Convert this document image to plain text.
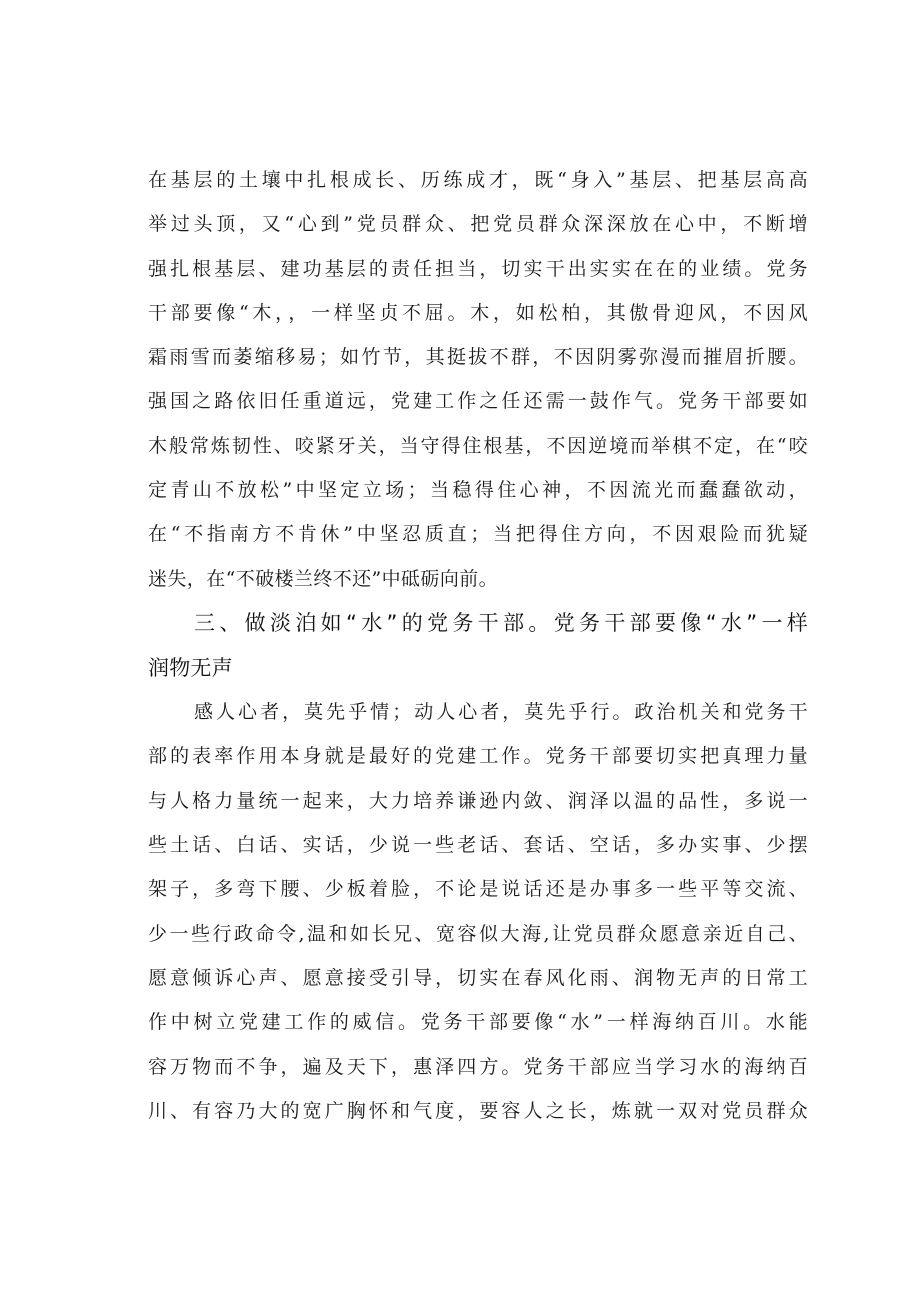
在基层的土壤中扎根成长、历练成才，既“身入”基层、把基层高高
举过头顶，又“心到”党员群众、把党员群众深深放在心中，不断增
强扎根基层、建功基层的责任担当，切实干出实实在在的业绩。党务
干部要像“木，，一样坚贞不屈。木，如松柏，其傲骨迎风，不因风
霜雨雪而萎缩移易；如竹节，其挺拔不群，不因阴雾弥漫而摧眉折腰。
强国之路依旧任重道远，党建工作之任还需一鼓作气。党务干部要如
木般常炼韧性、咬紧牙关，当守得住根基，不因逆境而举棋不定，在“咬
定青山不放松”中坚定立场；当稳得住心神，不因流光而蠢蠢欲动，
在“不指南方不肯休”中坚忍质直；当把得住方向，不因艰险而犹疑
迷失，在“不破楼兰终不还”中砥砺向前。
三、做淡泊如“水”的党务干部。党务干部要像“水”一样
润物无声
感人心者，莫先乎情；动人心者，莫先乎行。政治机关和党务干
部的表率作用本身就是最好的党建工作。党务干部要切实把真理力量
与人格力量统一起来，大力培养谦逊内敛、润泽以温的品性，多说一
些土话、白话、实话，少说一些老话、套话、空话，多办实事、少摆
架子，多弯下腰、少板着脸，不论是说话还是办事多一些平等交流、
少一些行政命令,温和如长兄、宽容似大海,让党员群众愿意亲近自己、
愿意倾诉心声、愿意接受引导，切实在春风化雨、润物无声的日常工
作中树立党建工作的威信。党务干部要像“水”一样海纳百川。水能
容万物而不争，遍及天下，惠泽四方。党务干部应当学习水的海纳百
川、有容乃大的宽广胸怀和气度，要容人之长，炼就一双对党员群众
